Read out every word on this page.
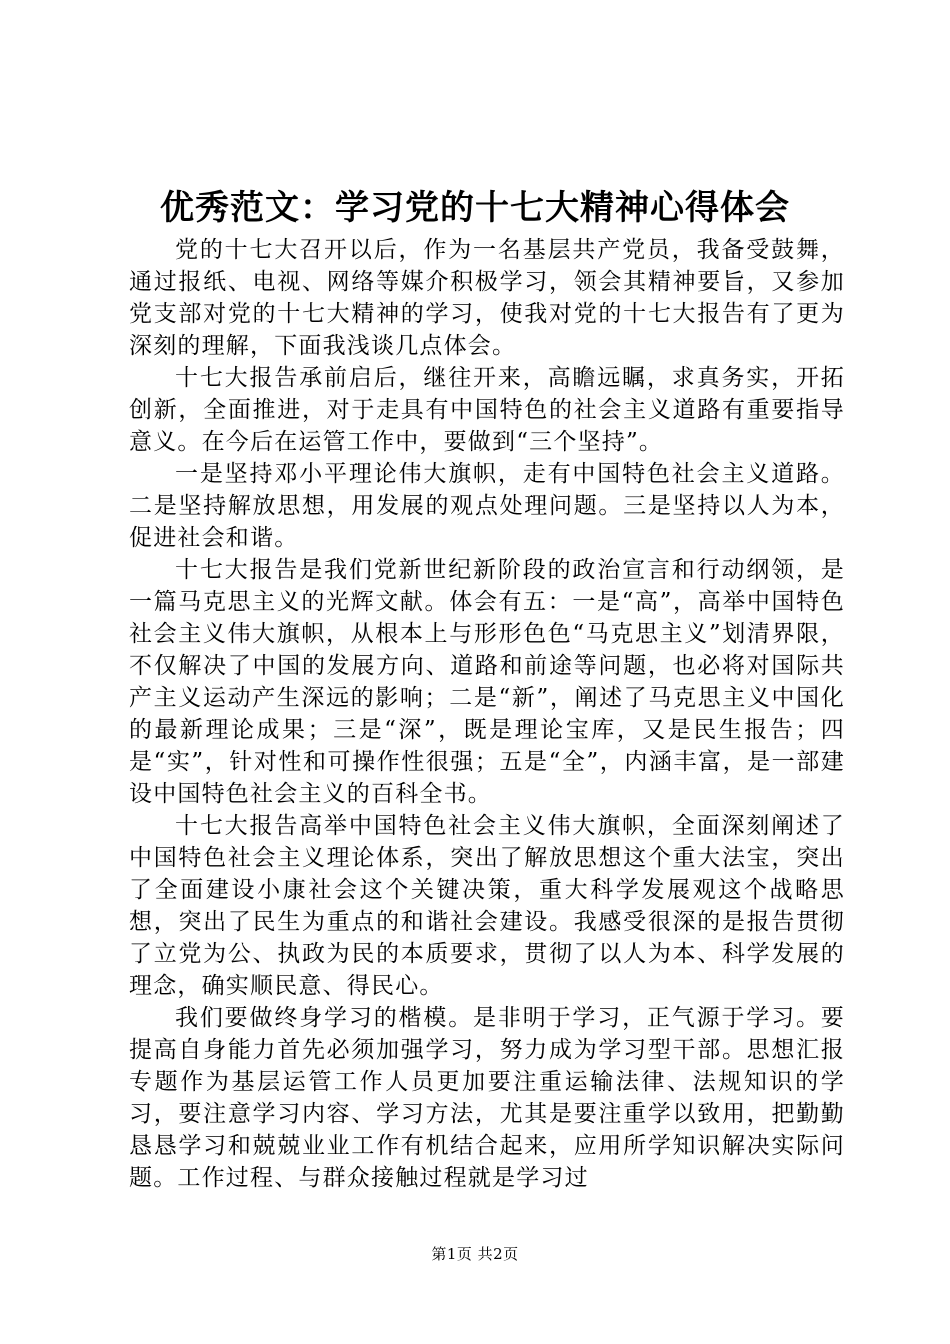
优秀范文：学习党的十七大精神心得体会

党的十七大召开以后，作为一名基层共产党员，我备受鼓舞，通过报纸、电视、网络等媒介积极学习，领会其精神要旨，又参加党支部对党的十七大精神的学习，使我对党的十七大报告有了更为深刻的理解，下面我浅谈几点体会。

十七大报告承前启后，继往开来，高瞻远瞩，求真务实，开拓创新，全面推进，对于走具有中国特色的社会主义道路有重要指导意义。在今后在运管工作中，要做到“三个坚持”。

一是坚持邓小平理论伟大旗帜，走有中国特色社会主义道路。二是坚持解放思想，用发展的观点处理问题。三是坚持以人为本，促进社会和谐。

十七大报告是我们党新世纪新阶段的政治宣言和行动纲领，是一篇马克思主义的光辉文献。体会有五：一是“高”，高举中国特色社会主义伟大旗帜，从根本上与形形色色“马克思主义”划清界限，不仅解决了中国的发展方向、道路和前途等问题，也必将对国际共产主义运动产生深远的影响；二是“新”，阐述了马克思主义中国化的最新理论成果；三是“深”，既是理论宝库，又是民生报告；四是“实”，针对性和可操作性很强；五是“全”，内涵丰富，是一部建设中国特色社会主义的百科全书。

十七大报告高举中国特色社会主义伟大旗帜，全面深刻阐述了中国特色社会主义理论体系，突出了解放思想这个重大法宝，突出了全面建设小康社会这个关键决策，重大科学发展观这个战略思想，突出了民生为重点的和谐社会建设。我感受很深的是报告贯彻了立党为公、执政为民的本质要求，贯彻了以人为本、科学发展的理念，确实顺民意、得民心。

我们要做终身学习的楷模。是非明于学习，正气源于学习。要提高自身能力首先必须加强学习，努力成为学习型干部。思想汇报专题作为基层运管工作人员更加要注重运输法律、法规知识的学习，要注意学习内容、学习方法，尤其是要注重学以致用，把勤勤恳恳学习和兢兢业业工作有机结合起来，应用所学知识解决实际问题。工作过程、与群众接触过程就是学习过

第1页 共2页
